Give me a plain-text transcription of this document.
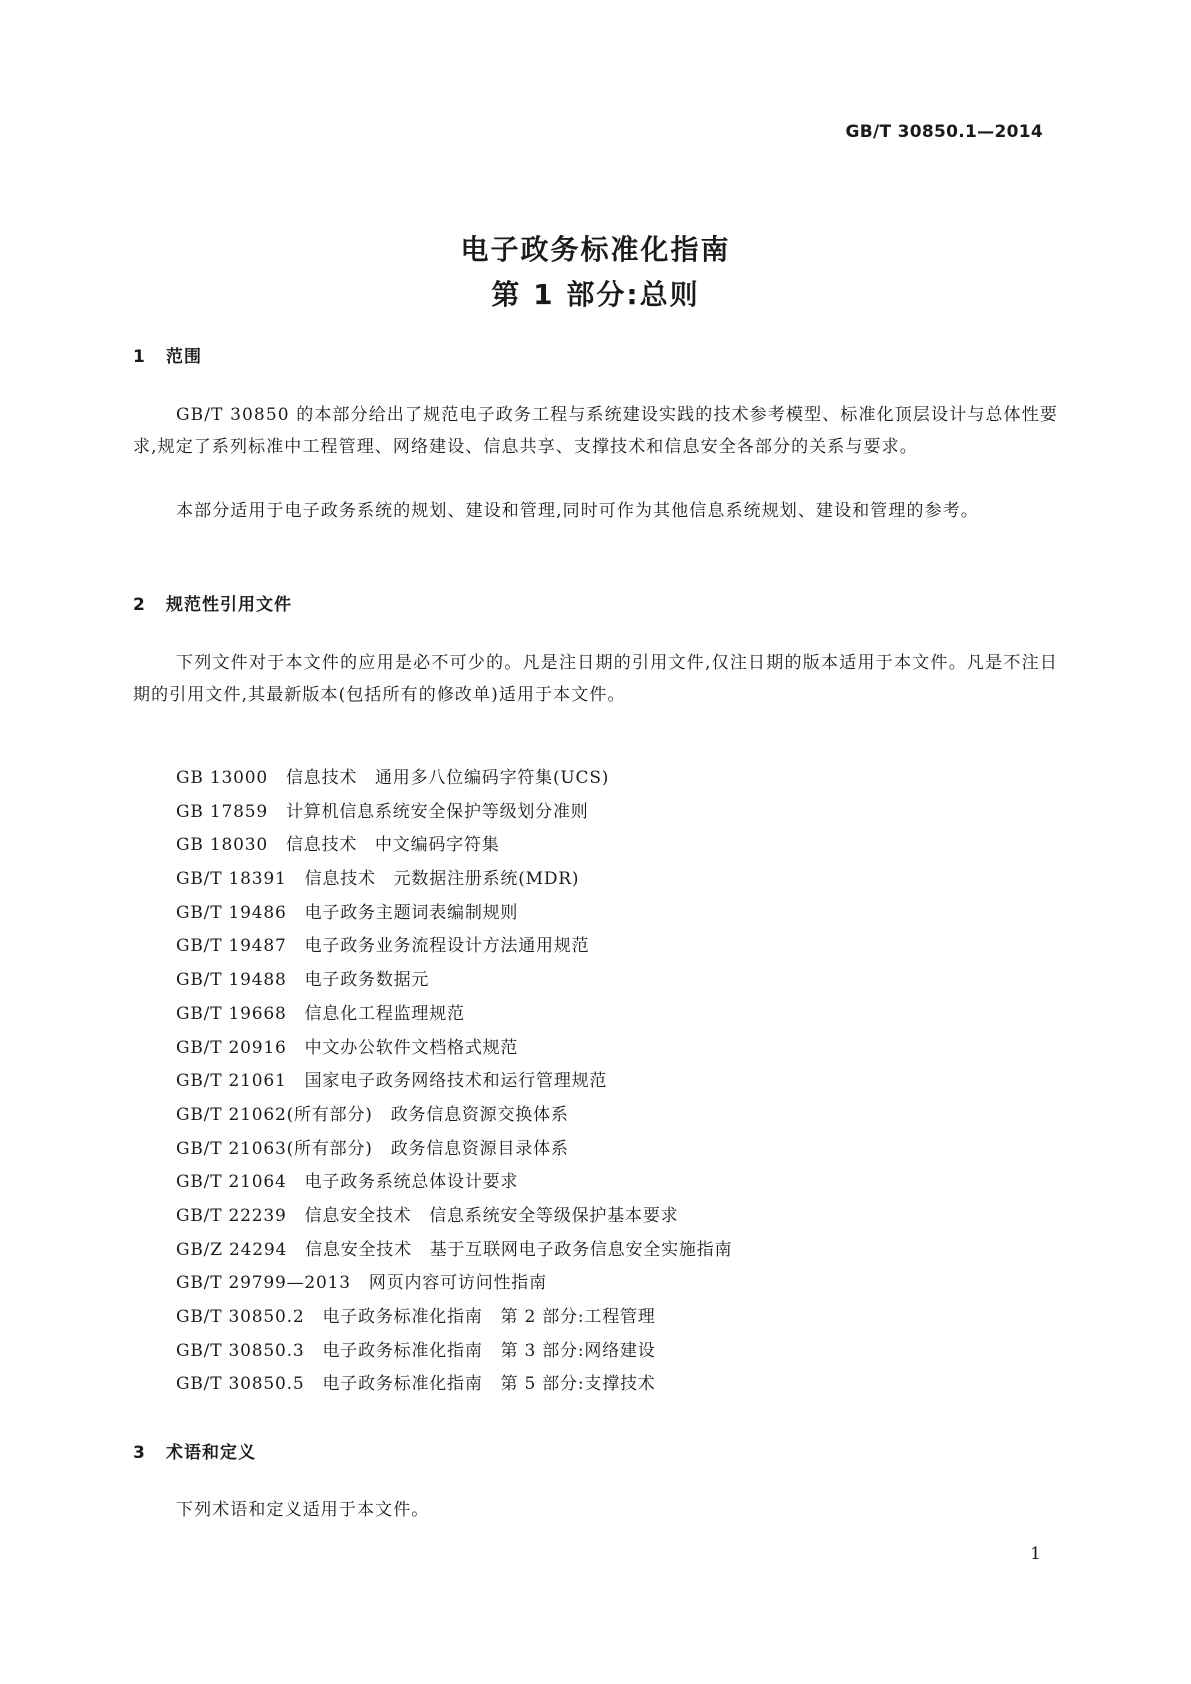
GB/T 30850.1—2014
电子政务标准化指南
第 1 部分:总则
1 范围

GB/T 30850 的本部分给出了规范电子政务工程与系统建设实践的技术参考模型、标准化顶层设计与总体性要求,规定了系列标准中工程管理、网络建设、信息共享、支撑技术和信息安全各部分的关系与要求。

本部分适用于电子政务系统的规划、建设和管理,同时可作为其他信息系统规划、建设和管理的参考。

2 规范性引用文件

下列文件对于本文件的应用是必不可少的。凡是注日期的引用文件,仅注日期的版本适用于本文件。凡是不注日期的引用文件,其最新版本(包括所有的修改单)适用于本文件。

GB 13000 信息技术　通用多八位编码字符集(UCS)
GB 17859 计算机信息系统安全保护等级划分准则
GB 18030 信息技术　中文编码字符集
GB/T 18391 信息技术　元数据注册系统(MDR)
GB/T 19486 电子政务主题词表编制规则
GB/T 19487 电子政务业务流程设计方法通用规范
GB/T 19488 电子政务数据元
GB/T 19668 信息化工程监理规范
GB/T 20916 中文办公软件文档格式规范
GB/T 21061 国家电子政务网络技术和运行管理规范
GB/T 21062(所有部分) 政务信息资源交换体系
GB/T 21063(所有部分) 政务信息资源目录体系
GB/T 21064 电子政务系统总体设计要求
GB/T 22239 信息安全技术　信息系统安全等级保护基本要求
GB/Z 24294 信息安全技术　基于互联网电子政务信息安全实施指南
GB/T 29799—2013 网页内容可访问性指南
GB/T 30850.2 电子政务标准化指南　第 2 部分:工程管理
GB/T 30850.3 电子政务标准化指南　第 3 部分:网络建设
GB/T 30850.5 电子政务标准化指南　第 5 部分:支撑技术
3 术语和定义

下列术语和定义适用于本文件。

1
